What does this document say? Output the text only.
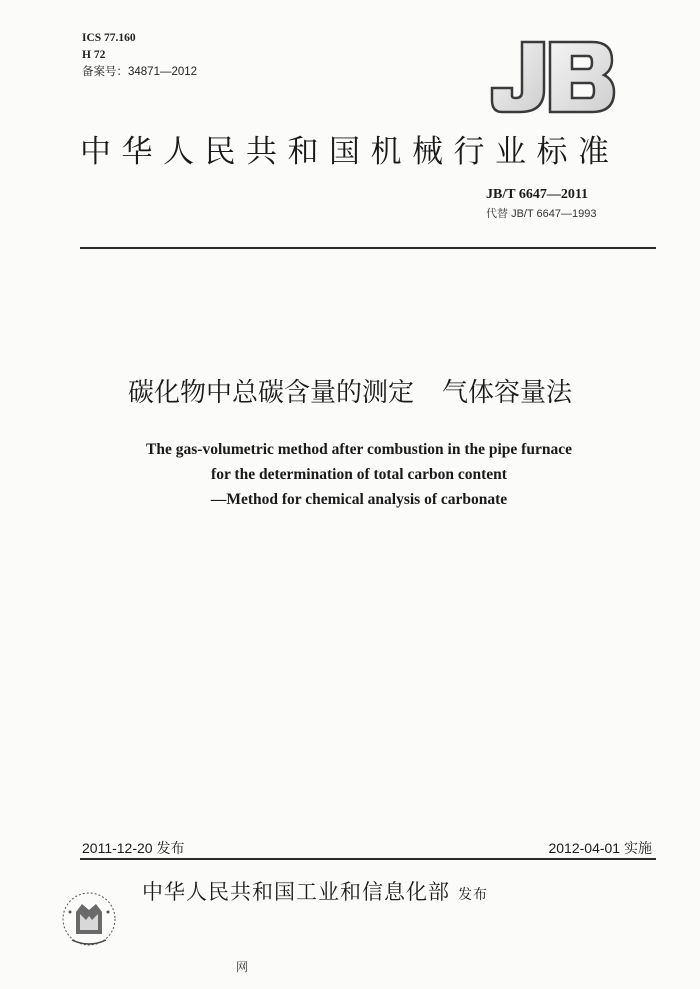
ICS 77.160
H 72
备案号：34871—2012
中华人民共和国机械行业标准
JB/T 6647—2011
代替 JB/T 6647—1993
碳化物中总碳含量的测定 气体容量法
The gas-volumetric method after combustion in the pipe furnace
for the determination of total carbon content
—Method for chemical analysis of carbonate
2011-12-20 发布	2012-04-01 实施
中华人民共和国工业和信息化部 发布
网
